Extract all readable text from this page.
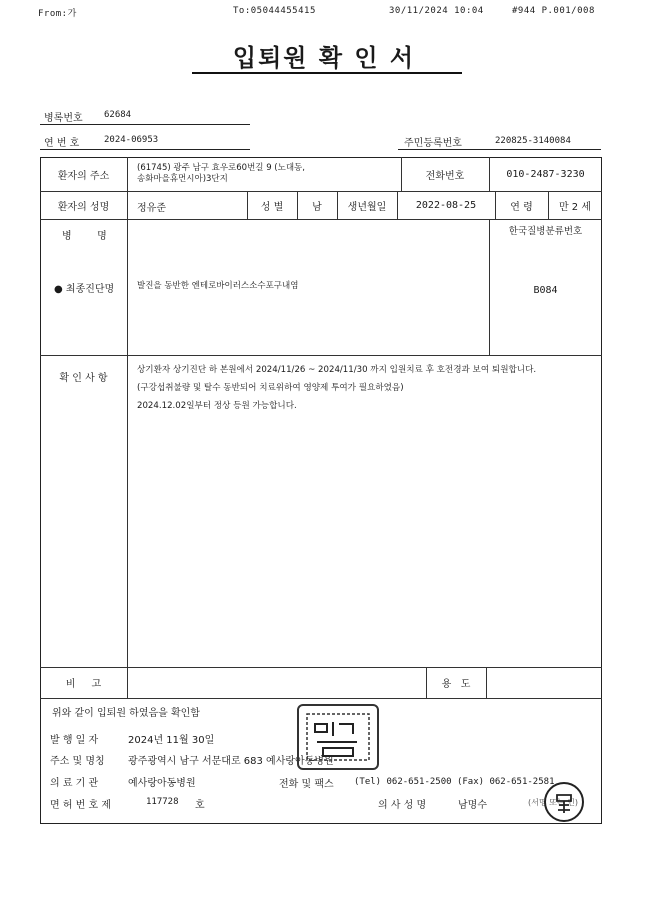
From:가	To:05044455415	30/11/2024 10:04	#944 P.001/008
입퇴원 확 인 서
병록번호 62684
연 번 호	2024-06953	주민등록번호	220825-3140084
환자의 주소
(61745) 광주 남구 효우로60번길 9 (노대동,
송화마을휴먼시아)3단지	전화번호	010-2487-3230
환자의 성명	정유준	성 별	남	생년월일	2022-08-25	연 령	만 2 세
병        명	한국질병분류번호
● 최종진단명	발진을 동반한 엔테로바이러스소수포구내염	B084
확 인 사 항
상기환자 상기진단 하 본원에서 2024/11/26 ~ 2024/11/30 까지 입원치료 후 호전경과 보여 퇴원합니다.
(구강섭취불량 및 탈수 동반되어 치료위하여 영양제 투여가 필요하였음)
2024.12.02일부터 정상 등원 가능합니다.
비     고	용   도
위와 같이 입퇴원 하였음을 확인함
발 행 일 자	2024년 11월 30일
주소 및 명칭 광주광역시 남구 서문대로 683 예사랑아동병원
의 료 기 관	예사랑아동병원	전화 및 팩스 (Tel) 062-651-2500 (Fax) 062-651-2581
면 허 번 호 제	117728 호	의 사 성 명	남명수	(서명 또는 인)
